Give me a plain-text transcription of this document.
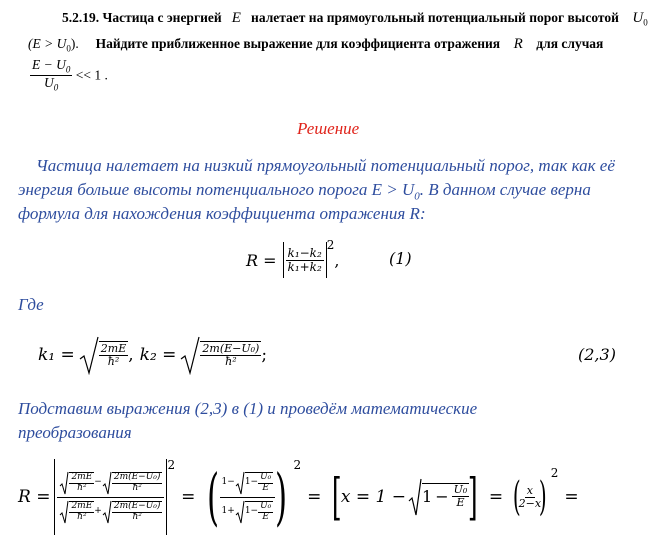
5.2.19. Частица с энергией E налетает на прямоугольный потенциальный порог высотой $U_0$
$(E > U_0)$. Найдите приближенное выражение для коэффициента отражения R для случая
$\frac{E - U_0}{U_0} << 1$ .
Решение
Частица налетает на низкий прямоугольный потенциальный порог, так как её
энергия больше высоты потенциального порога $E > U_0$. В данном случае верна
формула для нахождения коэффициента отражения R:
$R = \frac{\text{k₁−k₂}}{\text{k₁+k₂}}$
2
,	(1)
Где
$k_1 = \frac{2mE}{\text{ħ²}}$ , $k_2 = \frac{\text{2m(E−U₀)}}{\text{ħ²}}$ ;	(2,3)
Подставим выражения (2,3) в (1) и проведём математические
преобразования
$R = \frac{\frac{2mE}{\text{ħ²}} - \frac{\text{2m(E−U₀)}}{\text{ħ²}}}{\frac{2mE}{\text{ħ²}} + \frac{\text{2m(E−U₀)}}{\text{ħ²}}}$
2
= ( $\frac{1 - 1 - \frac{\text{U₀}}{E}}{1 + 1 - \frac{\text{U₀}}{E}}$ ) 2
= [
$x = 1 - 1 - \frac{\text{U₀}}{E}$
] = (
$\frac{x}{2-x}$
)
2
=
